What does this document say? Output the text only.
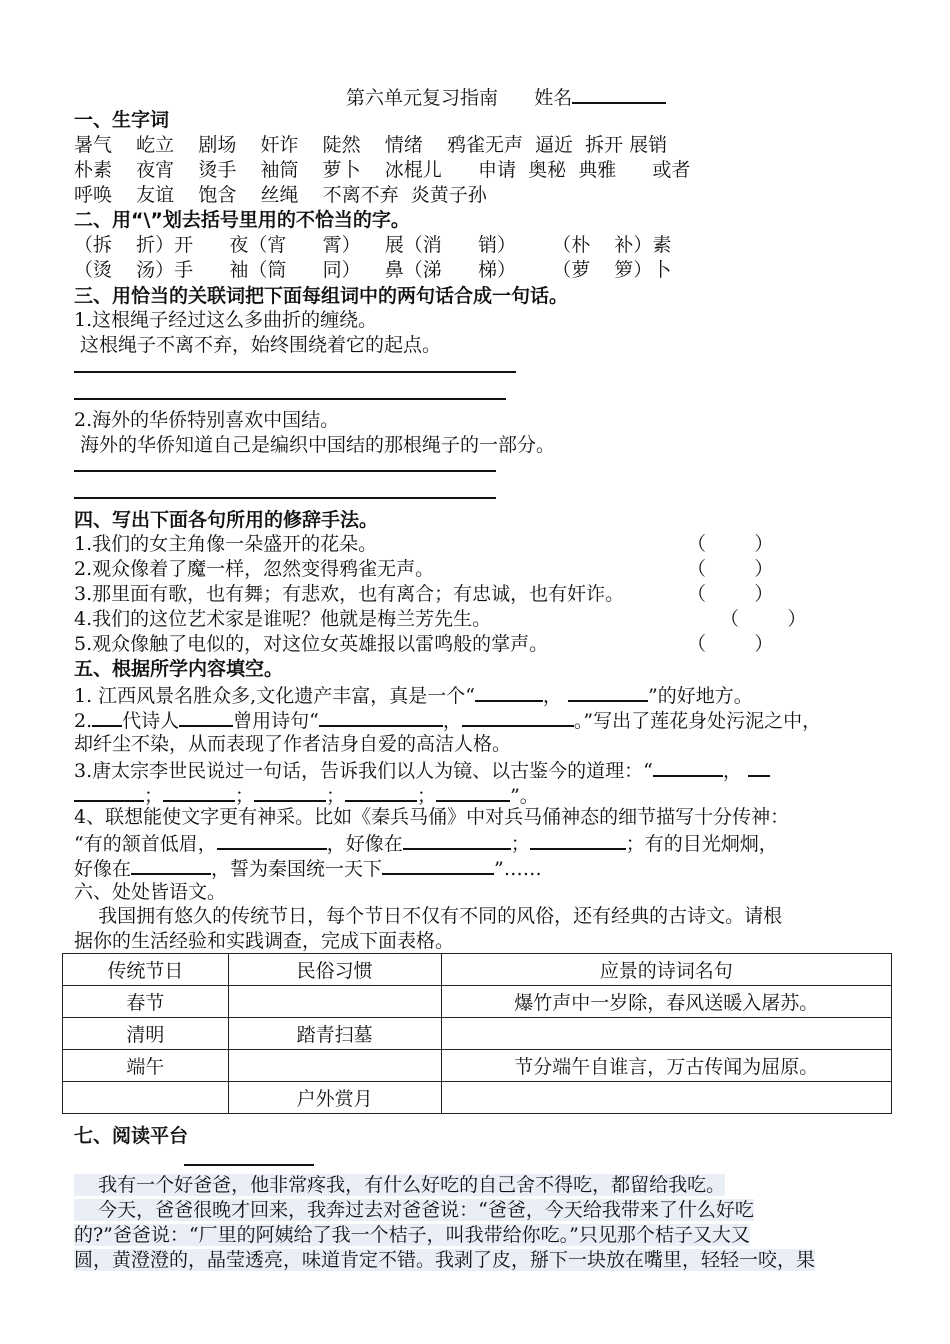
第六单元复习指南 姓名
一、生字词
暑气    屹立    剧场    奸诈    陡然    情绪    鸦雀无声  逼近  拆开 展销
朴素    夜宵    烫手    袖筒    萝卜    冰棍儿      申请  奥秘  典雅      或者
呼唤    友谊    饱含    丝绳    不离不弃  炎黄子孙
二、用“\”划去括号里用的不恰当的字。
（拆    折）开      夜（宵      霄）    展（消      销）      （朴    补）素
（烫    汤）手      袖（筒      同）    鼻（涕      梯）      （萝    箩）卜
三、用恰当的关联词把下面每组词中的两句话合成一句话。
1.这根绳子经过这么多曲折的缠绕。
这根绳子不离不弃，始终围绕着它的起点。
2.海外的华侨特别喜欢中国结。
海外的华侨知道自己是编织中国结的那根绳子的一部分。
四、写出下面各句所用的修辞手法。
1.我们的女主角像一朵盛开的花朵。	（        ）
2.观众像着了魔一样，忽然变得鸦雀无声。	（        ）
3.那里面有歌，也有舞；有悲欢，也有离合；有忠诚，也有奸诈。	（        ）
4.我们的这位艺术家是谁呢？他就是梅兰芳先生。	（        ）
5.观众像触了电似的，对这位女英雄报以雷鸣般的掌声。	（        ）
五、根据所学内容填空。
1. 江西风景名胜众多,文化遗产丰富，真是一个“	，	”的好地方。
2. 代诗人	曾用诗句“	，	。”写出了莲花身处污泥之中，
却纤尘不染，从而表现了作者洁身自爱的高洁人格。
3.唐太宗李世民说过一句话，告诉我们以人为镜、以古鉴今的道理：“	，
；	；	；	；	”。
4、联想能使文字更有神采。比如《秦兵马俑》中对兵马俑神态的细节描写十分传神：
“有的颔首低眉，	，好像在	；	；有的目光炯炯，
好像在	，誓为秦国统一天下	”……
六、处处皆语文。
我国拥有悠久的传统节日，每个节日不仅有不同的风俗，还有经典的古诗文。请根
据你的生活经验和实践调查，完成下面表格。
传统节日	民俗习惯	应景的诗词名句
春节		爆竹声中一岁除，春风送暖入屠苏。
清明	踏青扫墓	
端午		节分端午自谁言，万古传闻为屈原。
	户外赏月	
七、阅读平台
我有一个好爸爸，他非常疼我，有什么好吃的自己舍不得吃，都留给我吃。
今天，爸爸很晚才回来，我奔过去对爸爸说：“爸爸，今天给我带来了什么好吃
的?”爸爸说：“厂里的阿姨给了我一个桔子，叫我带给你吃。”只见那个桔子又大又
圆，黄澄澄的，晶莹透亮，味道肯定不错。我剥了皮，掰下一块放在嘴里，轻轻一咬，果
